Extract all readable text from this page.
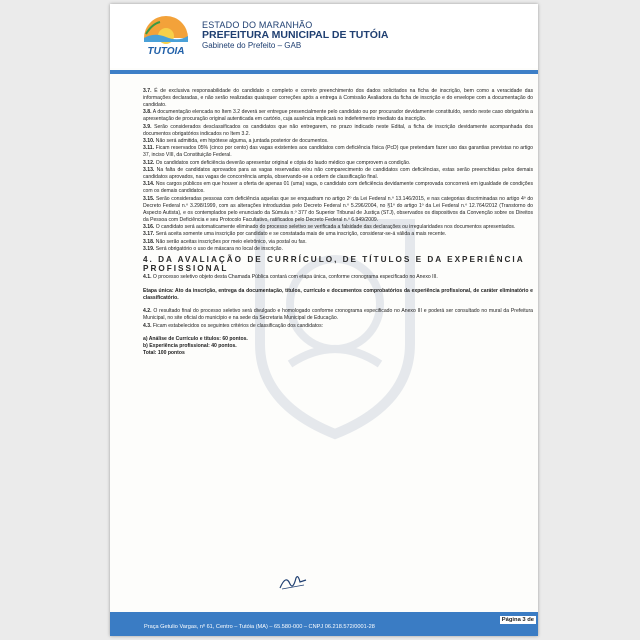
TUTOIA
ESTADO DO MARANHÃO
PREFEITURA MUNICIPAL DE TUTÓIA
Gabinete do Prefeito – GAB

3.7. É de exclusiva responsabilidade do candidato o completo e correto preenchimento dos dados solicitados na ficha de inscrição, bem como a veracidade das informações declaradas, e não serão realizadas quaisquer correções após a entrega à Comissão Avaliadora da ficha de inscrição e do envelope com a documentação do candidato.

3.8. A documentação elencada no Item 3.2 deverá ser entregue presencialmente pelo candidato ou por procurador devidamente constituído, sendo neste caso obrigatória a apresentação de procuração original autenticada em cartório, cuja ausência implicará no indeferimento imediato da inscrição.

3.9. Serão considerados desclassificados os candidatos que não entregarem, no prazo indicado neste Edital, a ficha de inscrição devidamente acompanhada dos documentos obrigatórios indicados no Item 3.2.

3.10. Não será admitida, em hipótese alguma, a juntada posterior de documentos.

3.11. Ficam reservados 05% (cinco por cento) das vagas existentes aos candidatos com deficiência física (PcD) que pretendam fazer uso das garantias previstas no artigo 37, inciso VIII, da Constituição Federal.

3.12. Os candidatos com deficiência deverão apresentar original e cópia do laudo médico que comprovem a condição.

3.13. Na falta de candidatos aprovados para as vagas reservadas e/ou não comparecimento de candidatos com deficiências, estas serão preenchidas pelos demais candidatos aprovados, nas vagas de concorrência ampla, observando-se a ordem de classificação final.

3.14. Nos cargos públicos em que houver a oferta de apenas 01 (uma) vaga, o candidato com deficiência devidamente comprovada concorrerá em igualdade de condições com os demais candidatos.

3.15. Serão consideradas pessoas com deficiência aquelas que se enquadram no artigo 2º da Lei Federal n.º 13.146/2015, e nas categorias discriminadas no artigo 4º do Decreto Federal n.º 3.298/1999, com as alterações introduzidas pelo Decreto Federal n.º 5.296/2004, no §1º do artigo 1º da Lei Federal n.º 12.764/2012 (Transtorno do Aspecto Autista), e os contemplados pelo enunciado da Súmula n.º 377 do Superior Tribunal de Justiça (STJ), observados os dispositivos da Convenção sobre os Direitos da Pessoa com Deficiência e seu Protocolo Facultativo, ratificados pelo Decreto Federal n.º 6.949/2009.

3.16. O candidato será automaticamente eliminado do processo seletivo se verificada a falsidade das declarações ou irregularidades nos documentos apresentados.

3.17. Será aceita somente uma inscrição por candidato e se constatada mais de uma inscrição, considerar-se-á válida a mais recente.

3.18. Não serão aceitas inscrições por meio eletrônico, via postal ou fax.

3.19. Será obrigatório o uso de máscara no local de inscrição.

4. DA AVALIAÇÃO DE CURRÍCULO, DE TÍTULOS E DA EXPERIÊNCIA PROFISSIONAL

4.1. O processo seletivo objeto desta Chamada Pública contará com etapa única, conforme cronograma especificado no Anexo III.

Etapa única: Ato da inscrição, entrega da documentação, títulos, currículo e documentos comprobatórios da experiência profissional, de caráter eliminatório e classificatório.

4.2. O resultado final do processo seletivo será divulgado e homologado conforme cronograma especificado no Anexo III e poderá ser consultado no mural da Prefeitura Municipal, no site oficial do município e na sede da Secretaria Municipal de Educação.

4.3. Ficam estabelecidos os seguintes critérios de classificação dos candidatos:

a) Análise de Currículo e títulos: 60 pontos.
b) Experiência profissional: 40 pontos.
Total: 100 pontos
Praça Getulio Vargas, nº 61, Centro – Tutóia (MA) – 65.580-000 – CNPJ 06.218.572/0001-28
Página 3 de
